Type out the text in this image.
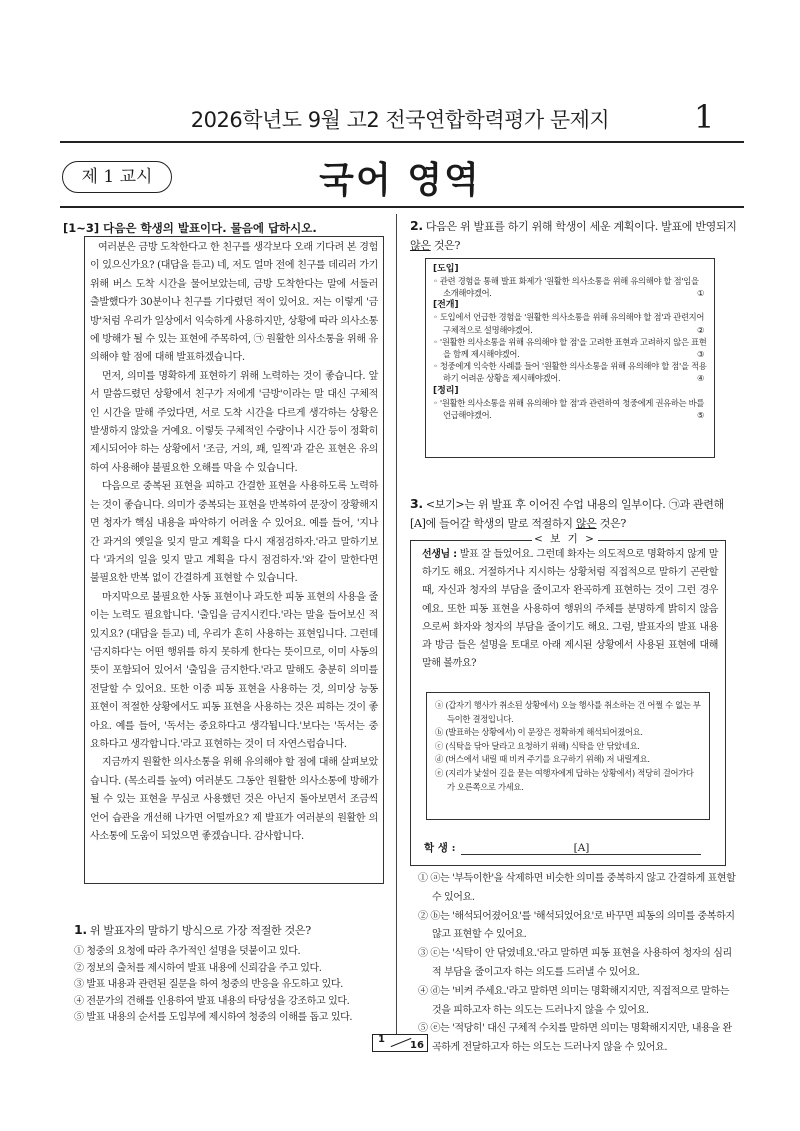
2026학년도 9월 고2 전국연합학력평가 문제지	1
제 1 교시	국어 영역
[1~3] 다음은 학생의 발표이다. 물음에 답하시오.

여러분은 금방 도착한다고 한 친구를 생각보다 오래 기다려 본 경험이 있으신가요? (대답을 듣고) 네, 저도 얼마 전에 친구를 데리러 가기 위해 버스 도착 시간을 물어보았는데, 금방 도착한다는 말에 서둘러 출발했다가 30분이나 친구를 기다렸던 적이 있어요. 저는 이렇게 '금방'처럼 우리가 일상에서 익숙하게 사용하지만, 상황에 따라 의사소통에 방해가 될 수 있는 표현에 주목하여, ㉠ 원활한 의사소통을 위해 유의해야 할 점에 대해 발표하겠습니다.

먼저, 의미를 명확하게 표현하기 위해 노력하는 것이 좋습니다. 앞서 말씀드렸던 상황에서 친구가 저에게 '금방'이라는 말 대신 구체적인 시간을 말해 주었다면, 서로 도착 시간을 다르게 생각하는 상황은 발생하지 않았을 거예요. 이렇듯 구체적인 수량이나 시간 등이 정확히 제시되어야 하는 상황에서 '조금, 거의, 꽤, 일찍'과 같은 표현은 유의하여 사용해야 불필요한 오해를 막을 수 있습니다.

다음으로 중복된 표현을 피하고 간결한 표현을 사용하도록 노력하는 것이 좋습니다. 의미가 중복되는 표현을 반복하여 문장이 장황해지면 청자가 핵심 내용을 파악하기 어려울 수 있어요. 예를 들어, '지나간 과거의 옛일을 잊지 말고 계획을 다시 재점검하자.'라고 말하기보다 '과거의 일을 잊지 말고 계획을 다시 점검하자.'와 같이 말한다면 불필요한 반복 없이 간결하게 표현할 수 있습니다.

마지막으로 불필요한 사동 표현이나 과도한 피동 표현의 사용을 줄이는 노력도 필요합니다. '출입을 금지시킨다.'라는 말을 들어보신 적 있지요? (대답을 듣고) 네, 우리가 흔히 사용하는 표현입니다. 그런데 '금지하다'는 어떤 행위를 하지 못하게 한다는 뜻이므로, 이미 사동의 뜻이 포함되어 있어서 '출입을 금지한다.'라고 말해도 충분히 의미를 전달할 수 있어요. 또한 이중 피동 표현을 사용하는 것, 의미상 능동 표현이 적절한 상황에서도 피동 표현을 사용하는 것은 피하는 것이 좋아요. 예를 들어, '독서는 중요하다고 생각됩니다.'보다는 '독서는 중요하다고 생각합니다.'라고 표현하는 것이 더 자연스럽습니다.

지금까지 원활한 의사소통을 위해 유의해야 할 점에 대해 살펴보았습니다. (목소리를 높여) 여러분도 그동안 원활한 의사소통에 방해가 될 수 있는 표현을 무심코 사용했던 것은 아닌지 돌아보면서 조금씩 언어 습관을 개선해 나가면 어떨까요? 제 발표가 여러분의 원활한 의사소통에 도움이 되었으면 좋겠습니다. 감사합니다.

1. 위 발표자의 말하기 방식으로 가장 적절한 것은?
① 청중의 요청에 따라 추가적인 설명을 덧붙이고 있다.
② 정보의 출처를 제시하여 발표 내용에 신뢰감을 주고 있다.
③ 발표 내용과 관련된 질문을 하여 청중의 반응을 유도하고 있다.
④ 전문가의 견해를 인용하여 발표 내용의 타당성을 강조하고 있다.
⑤ 발표 내용의 순서를 도입부에 제시하여 청중의 이해를 돕고 있다.
2. 다음은 위 발표를 하기 위해 학생이 세운 계획이다. 발표에 반영되지 않은 것은?
[도입]
◦ 관련 경험을 통해 발표 화제가 '원활한 의사소통을 위해 유의해야 할 점'임을 소개해야겠어.	①
[전개]
◦ 도입에서 언급한 경험을 '원활한 의사소통을 위해 유의해야 할 점'과 관련지어 구체적으로 설명해야겠어.	②
◦ '원활한 의사소통을 위해 유의해야 할 점'을 고려한 표현과 고려하지 않은 표현을 함께 제시해야겠어.	③
◦ 청중에게 익숙한 사례를 들어 '원활한 의사소통을 위해 유의해야 할 점'을 적용하기 어려운 상황을 제시해야겠어.	④
[정리]
◦ '원활한 의사소통을 위해 유의해야 할 점'과 관련하여 청중에게 권유하는 바를 언급해야겠어.	⑤
3. <보기>는 위 발표 후 이어진 수업 내용의 일부이다. ㉠과 관련해 [A]에 들어갈 학생의 말로 적절하지 않은 것은?
< 보 기 >
선생님 : 발표 잘 들었어요. 그런데 화자는 의도적으로 명확하지 않게 말하기도 해요. 거절하거나 지시하는 상황처럼 직접적으로 말하기 곤란할 때, 자신과 청자의 부담을 줄이고자 완곡하게 표현하는 것이 그런 경우예요. 또한 피동 표현을 사용하여 행위의 주체를 분명하게 밝히지 않음으로써 화자와 청자의 부담을 줄이기도 해요. 그럼, 발표자의 발표 내용과 방금 들은 설명을 토대로 아래 제시된 상황에서 사용된 표현에 대해 말해 볼까요?
ⓐ (갑자기 행사가 취소된 상황에서) 오늘 행사를 취소하는 건 어쩔 수 없는 부득이한 결정입니다.
ⓑ (발표하는 상황에서) 이 문장은 정확하게 해석되어졌어요.
ⓒ (식탁을 닦아 달라고 요청하기 위해) 식탁을 안 닦았네요.
ⓓ (버스에서 내릴 때 비켜 주기를 요구하기 위해) 저 내릴게요.
ⓔ (지리가 낯설어 길을 묻는 여행자에게 답하는 상황에서) 적당히 걸어가다가 오른쪽으로 가세요.
학 생 :	[A]
① ⓐ는 '부득이한'을 삭제하면 비슷한 의미를 중복하지 않고 간결하게 표현할 수 있어요.
② ⓑ는 '해석되어졌어요'를 '해석되었어요'로 바꾸면 피동의 의미를 중복하지 않고 표현할 수 있어요.
③ ⓒ는 '식탁이 안 닦였네요.'라고 말하면 피동 표현을 사용하여 청자의 심리적 부담을 줄이고자 하는 의도를 드러낼 수 있어요.
④ ⓓ는 '비켜 주세요.'라고 말하면 의미는 명확해지지만, 직접적으로 말하는 것을 피하고자 하는 의도는 드러나지 않을 수 있어요.
⑤ ⓔ는 '적당히' 대신 구체적 수치를 말하면 의미는 명확해지지만, 내용을 완곡하게 전달하고자 하는 의도는 드러나지 않을 수 있어요.
1
16
